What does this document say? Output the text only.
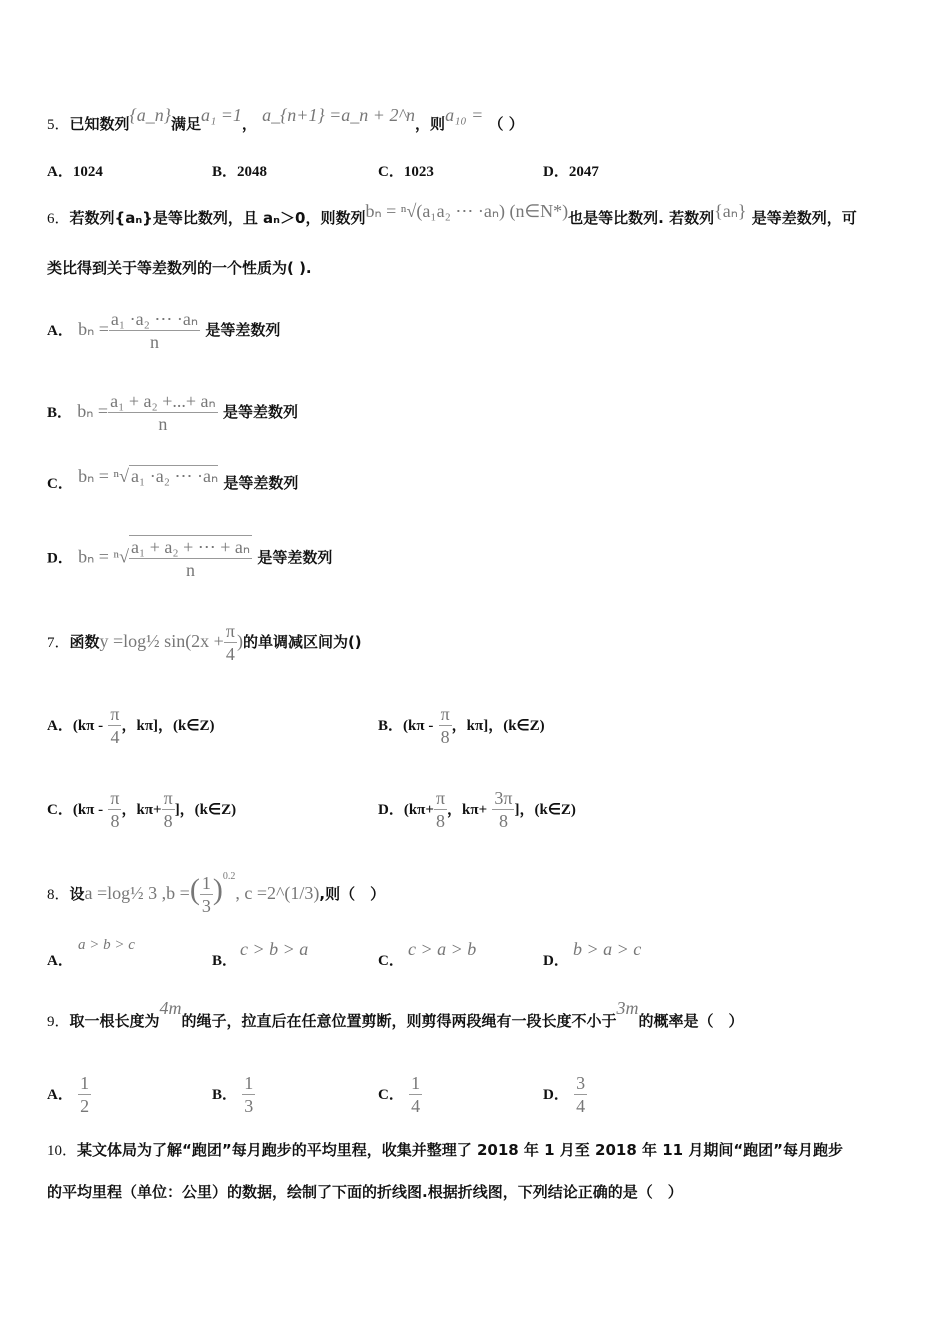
5．已知数列{a_n}满足a₁ =1， a_{n+1} =a_n + 2^n，则a₁₀ = （ ）
A．1024	B．2048	C．1023	D．2047
6．若数列{aₙ}是等比数列，且 aₙ＞0，则数列bₙ = ⁿ√(a₁a₂ ⋯ ·aₙ) (n∈N*)也是等比数列. 若数列{aₙ} 是等差数列，可
类比得到关于等差数列的一个性质为( ).
A． $b_n = \frac{\text{a₁ ·a₂ ⋯ ·aₙ}}{n}$ 是等差数列
B． $b_n = \frac{\text{a₁ + a₂ +...+ aₙ}}{n}$ 是等差数列
C． bₙ = ⁿ√ a₁ ·a₂ ⋯ ·aₙ 是等差数列
D． $b_n = ^n√ \frac{\text{a₁ + a₂ + ⋯ + aₙ}}{n}$ 是等差数列
7．函数y =log½ $\sin(2x + \frac{\pi}{4}$ )的单调减区间为()
A．($k\pi - \frac{\pi}{4}$ ，kπ]，(k∈Z)	B．($k\pi - \frac{\pi}{8}$ ，kπ]，(k∈Z)
C．($k\pi - \frac{\pi}{8}$ ，$k\pi+ \frac{\pi}{8}$ ]，(k∈Z)	D．($k\pi+ \frac{\pi}{8}$ ，$k\pi+ \frac{3\pi}{8}$ ]，(k∈Z)
8．设a =log½ 3 ,b =( $\frac{1}{3} )^{0.2}$, c =2^(1/3),则（　）
A．
a > b > c
B．
c > b > a
C．
c > a > b
D．
b > a > c
9．取一根长度为4m的绳子，拉直后在任意位置剪断，则剪得两段绳有一段长度不小于3m的概率是（　）
A． $\frac{1}{2}$	B． $\frac{1}{3}$	C． $\frac{1}{4}$	D． $\frac{3}{4}$
10．某文体局为了解“跑团”每月跑步的平均里程，收集并整理了 2018 年 1 月至 2018 年 11 月期间“跑团”每月跑步
的平均里程（单位：公里）的数据，绘制了下面的折线图.根据折线图，下列结论正确的是（　）
